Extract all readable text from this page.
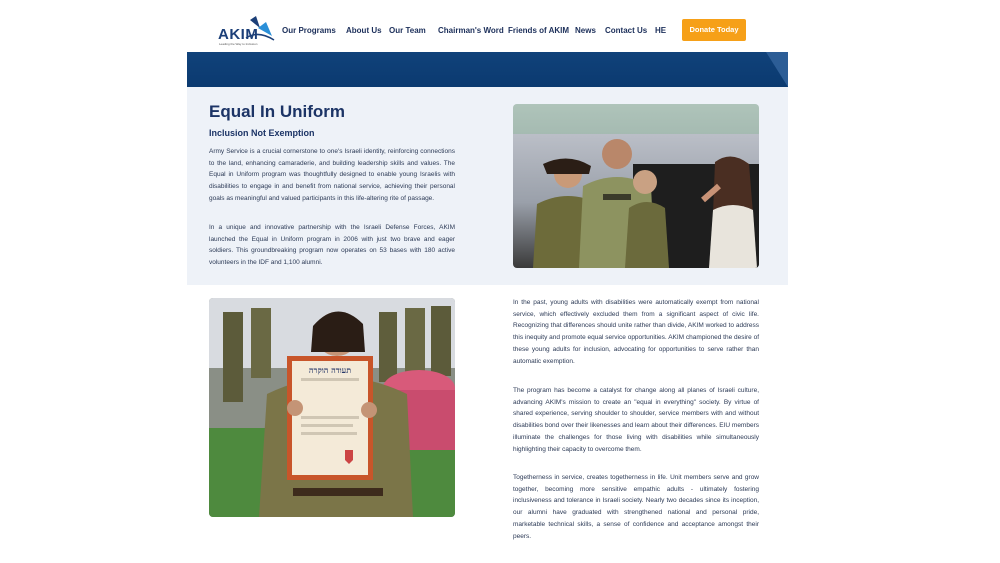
AKIM
Leading the Way to Inclusion
Our Programs About Us Our Team Chairman's Word Friends of AKIM News Contact Us HE	Donate Today
Equal In Uniform
Inclusion Not Exemption

Army Service is a crucial cornerstone to one's Israeli identity, reinforcing connections to the land, enhancing camaraderie, and building leadership skills and values. The Equal in Uniform program was thoughtfully designed to enable young Israelis with disabilities to engage in and benefit from national service, achieving their personal goals as meaningful and valued participants in this life-altering rite of passage.

In a unique and innovative partnership with the Israeli Defense Forces, AKIM launched the Equal in Uniform program in 2006 with just two brave and eager soldiers. This groundbreaking program now operates on 53 bases with 180 active volunteers in the IDF and 1,100 alumni.

תעודה הוקרה

In the past, young adults with disabilities were automatically exempt from national service, which effectively excluded them from a significant aspect of civic life. Recognizing that differences should unite rather than divide, AKIM worked to address this inequity and promote equal service opportunities. AKIM championed the desire of these young adults for inclusion, advocating for opportunities to serve rather than automatic exemption.

The program has become a catalyst for change along all planes of Israeli culture, advancing AKIM's mission to create an "equal in everything" society. By virtue of shared experience, serving shoulder to shoulder, service members with and without disabilities bond over their likenesses and learn about their differences. EIU members illuminate the challenges for those living with disabilities while simultaneously highlighting their capacity to overcome them.

Togetherness in service, creates togetherness in life. Unit members serve and grow together, becoming more sensitive empathic adults - ultimately fostering inclusiveness and tolerance in Israeli society. Nearly two decades since its inception, our alumni have graduated with strengthened national and personal pride, marketable technical skills, a sense of confidence and acceptance amongst their peers.
